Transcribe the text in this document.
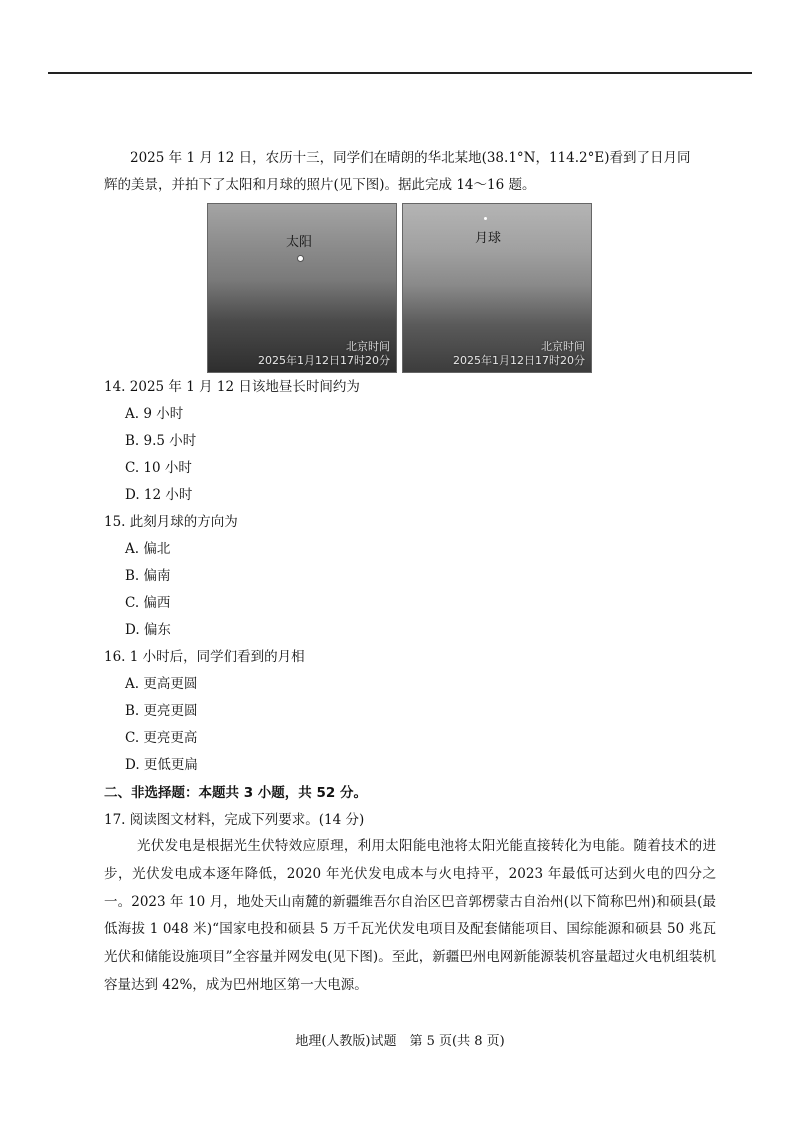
2025 年 1 月 12 日，农历十三，同学们在晴朗的华北某地(38.1°N，114.2°E)看到了日月同辉的美景，并拍下了太阳和月球的照片(见下图)。据此完成 14～16 题。

太阳
北京时间
2025年1月12日17时20分
月球
北京时间
2025年1月12日17时20分

14. 2025 年 1 月 12 日该地昼长时间约为

A. 9 小时

B. 9.5 小时

C. 10 小时

D. 12 小时

15. 此刻月球的方向为

A. 偏北

B. 偏南

C. 偏西

D. 偏东

16. 1 小时后，同学们看到的月相

A. 更高更圆

B. 更亮更圆

C. 更亮更高

D. 更低更扁

二、非选择题：本题共 3 小题，共 52 分。

17. 阅读图文材料，完成下列要求。(14 分)

光伏发电是根据光生伏特效应原理，利用太阳能电池将太阳光能直接转化为电能。随着技术的进步，光伏发电成本逐年降低，2020 年光伏发电成本与火电持平，2023 年最低可达到火电的四分之一。2023 年 10 月，地处天山南麓的新疆维吾尔自治区巴音郭楞蒙古自治州(以下简称巴州)和硕县(最低海拔 1 048 米)“国家电投和硕县 5 万千瓦光伏发电项目及配套储能项目、国综能源和硕县 50 兆瓦光伏和储能设施项目”全容量并网发电(见下图)。至此，新疆巴州电网新能源装机容量超过火电机组装机容量达到 42%，成为巴州地区第一大电源。

地理(人教版)试题　第 5 页(共 8 页)
